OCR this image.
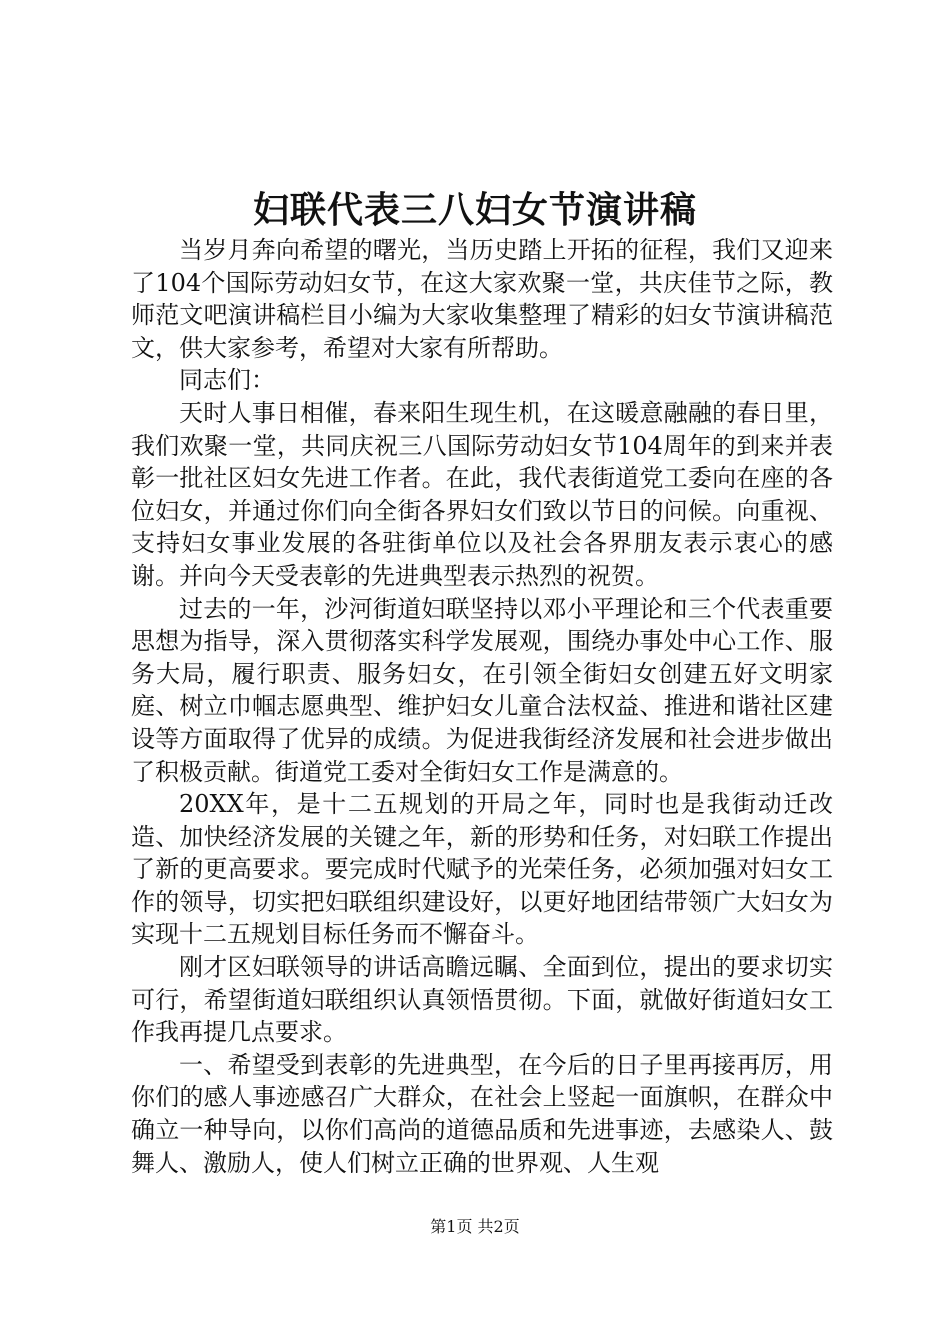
妇联代表三八妇女节演讲稿

当岁月奔向希望的曙光，当历史踏上开拓的征程，我们又迎来了104个国际劳动妇女节，在这大家欢聚一堂，共庆佳节之际，教师范文吧演讲稿栏目小编为大家收集整理了精彩的妇女节演讲稿范文，供大家参考，希望对大家有所帮助。

同志们：

天时人事日相催，春来阳生现生机，在这暖意融融的春日里，我们欢聚一堂，共同庆祝三八国际劳动妇女节104周年的到来并表彰一批社区妇女先进工作者。在此，我代表街道党工委向在座的各位妇女，并通过你们向全街各界妇女们致以节日的问候。向重视、支持妇女事业发展的各驻街单位以及社会各界朋友表示衷心的感谢。并向今天受表彰的先进典型表示热烈的祝贺。

过去的一年，沙河街道妇联坚持以邓小平理论和三个代表重要思想为指导，深入贯彻落实科学发展观，围绕办事处中心工作、服务大局，履行职责、服务妇女，在引领全街妇女创建五好文明家庭、树立巾帼志愿典型、维护妇女儿童合法权益、推进和谐社区建设等方面取得了优异的成绩。为促进我街经济发展和社会进步做出了积极贡献。街道党工委对全街妇女工作是满意的。

20XX年，是十二五规划的开局之年，同时也是我街动迁改造、加快经济发展的关键之年，新的形势和任务，对妇联工作提出了新的更高要求。要完成时代赋予的光荣任务，必须加强对妇女工作的领导，切实把妇联组织建设好，以更好地团结带领广大妇女为实现十二五规划目标任务而不懈奋斗。

刚才区妇联领导的讲话高瞻远瞩、全面到位，提出的要求切实可行，希望街道妇联组织认真领悟贯彻。下面，就做好街道妇女工作我再提几点要求。

一、希望受到表彰的先进典型，在今后的日子里再接再厉，用你们的感人事迹感召广大群众，在社会上竖起一面旗帜，在群众中确立一种导向，以你们高尚的道德品质和先进事迹，去感染人、鼓舞人、激励人，使人们树立正确的世界观、人生观

第1页 共2页
